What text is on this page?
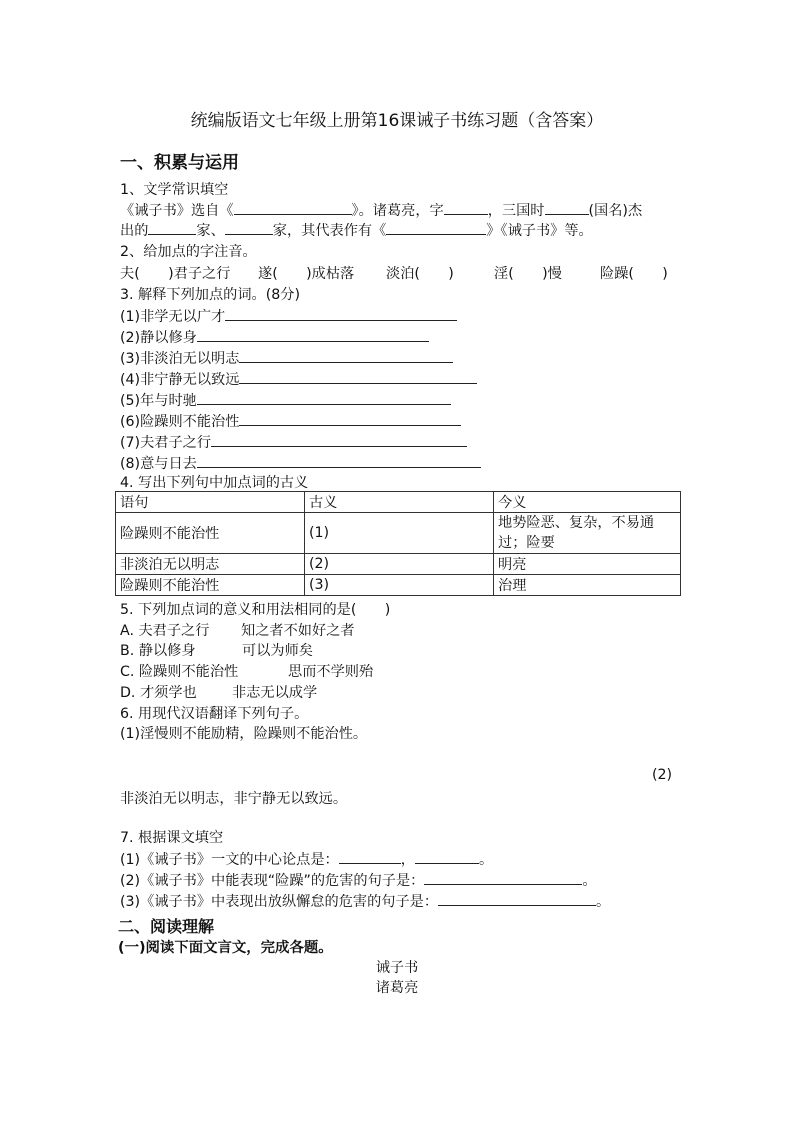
统编版语文七年级上册第16课诫子书练习题（含答案）
一、积累与运用
1、文学常识填空
《诫子书》选自《	》。诸葛亮，字	，三国时	(国名)杰
出的	家、	家，其代表作有《	》《诫子书》等。
2、给加点的字注音。
夫(　　)君子之行 遂(　　)成枯落 淡泊(　　)	淫(　　)慢	险躁(　　)
3. 解释下列加点的词。(8分)
(1)非学无以广才
(2)静以修身
(3)非淡泊无以明志
(4)非宁静无以致远
(5)年与时驰
(6)险躁则不能治性
(7)夫君子之行
(8)意与日去
4. 写出下列句中加点词的古义
语句	古义	今义
险躁则不能治性	(1)	地势险恶、复杂，不易通过；险要
非淡泊无以明志	(2)	明亮
险躁则不能治性	(3)	治理
5. 下列加点词的意义和用法相同的是(　　)
A. 夫君子之行 知之者不如好之者
B. 静以修身	可以为师矣
C. 险躁则不能治性	思而不学则殆
D. 才须学也 非志无以成学
6. 用现代汉语翻译下列句子。
(1)淫慢则不能励精，险躁则不能治性。
(2)
非淡泊无以明志，非宁静无以致远。
7. 根据课文填空
(1)《诫子书》一文的中心论点是：	，	。
(2)《诫子书》中能表现“险躁”的危害的句子是：	。
(3)《诫子书》中表现出放纵懈怠的危害的句子是：	。
二、阅读理解
(一)阅读下面文言文，完成各题。
诫子书
诸葛亮
